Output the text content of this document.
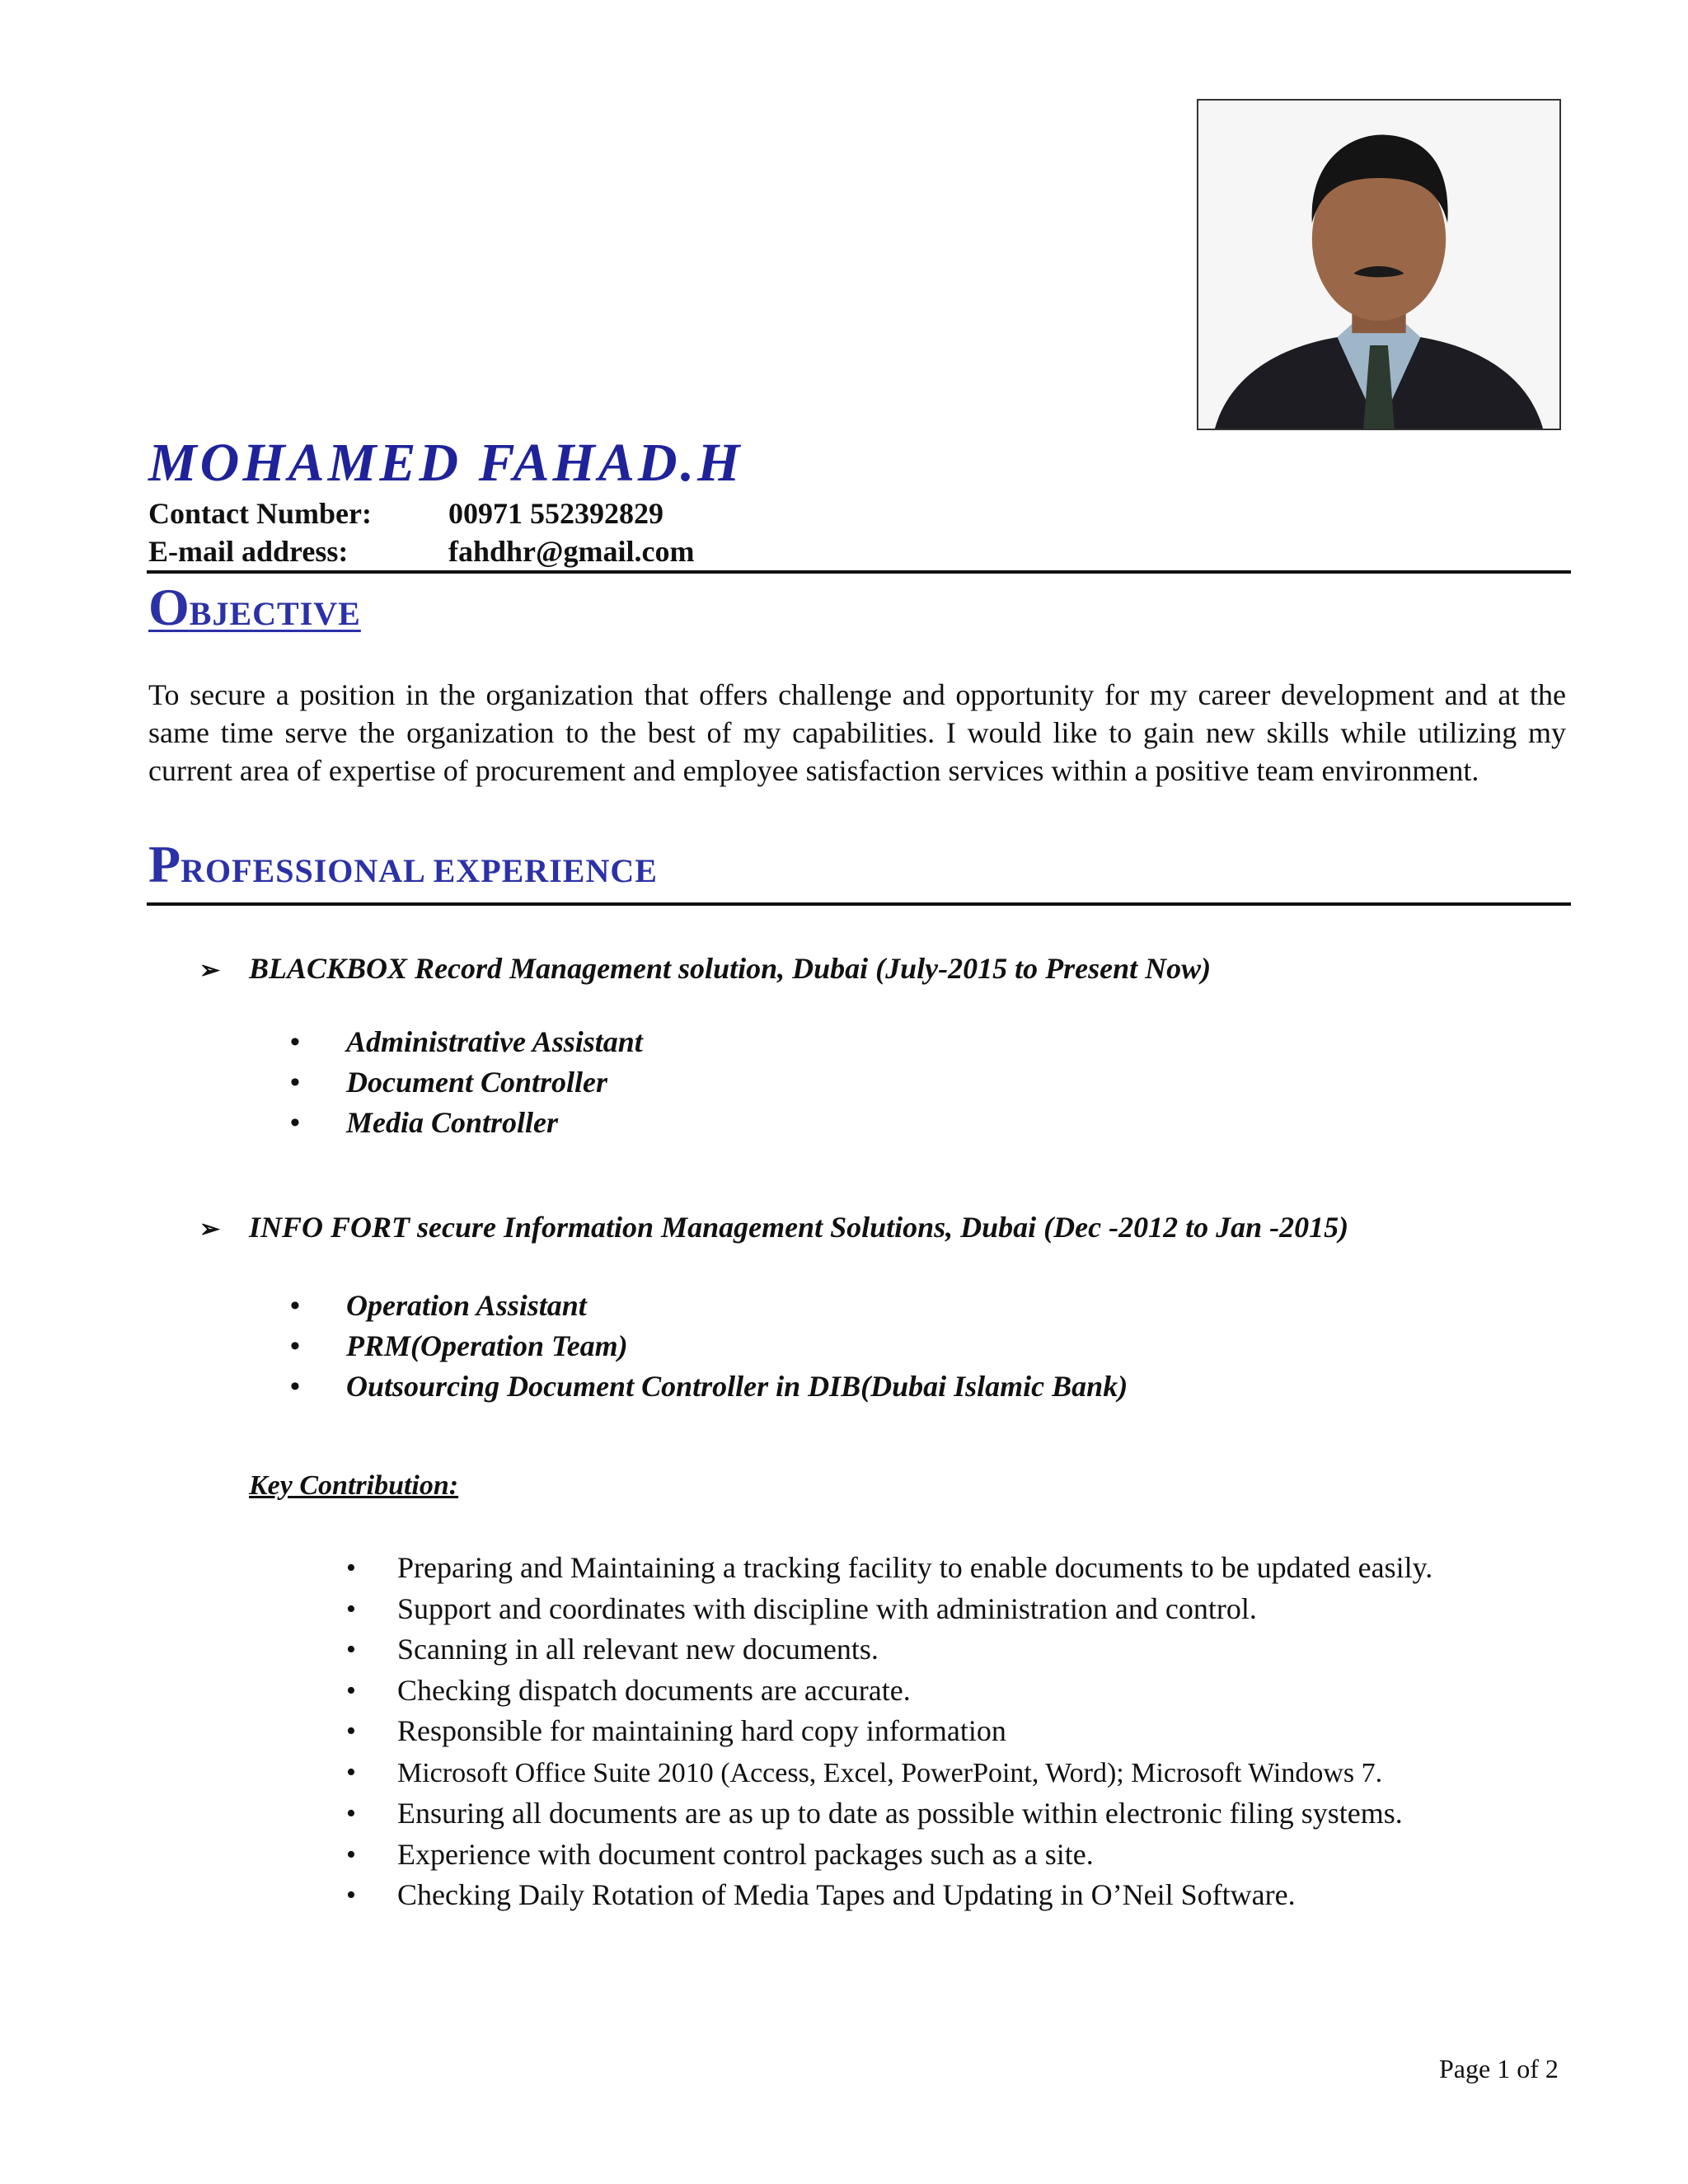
MOHAMED FAHAD.H
Contact Number:	00971 552392829
E-mail address:	fahdhr@gmail.com
OBJECTIVE
To secure a position in the organization that offers challenge and opportunity for my career development and at the same time serve the organization to the best of my capabilities. I would like to gain new skills while utilizing my current area of expertise of procurement and employee satisfaction services within a positive team environment.
PROFESSIONAL EXPERIENCE
➢ BLACKBOX Record Management solution, Dubai (July-2015 to Present Now)
• Administrative Assistant
• Document Controller
• Media Controller
➢ INFO FORT secure Information Management Solutions, Dubai (Dec -2012 to Jan -2015)
• Operation Assistant
• PRM(Operation Team)
• Outsourcing Document Controller in DIB(Dubai Islamic Bank)
Key Contribution:
• Preparing and Maintaining a tracking facility to enable documents to be updated easily.
• Support and coordinates with discipline with administration and control.
• Scanning in all relevant new documents.
• Checking dispatch documents are accurate.
• Responsible for maintaining hard copy information
• Microsoft Office Suite 2010 (Access, Excel, PowerPoint, Word); Microsoft Windows 7.
• Ensuring all documents are as up to date as possible within electronic filing systems.
• Experience with document control packages such as a site.
• Checking Daily Rotation of Media Tapes and Updating in O’Neil Software.
Page 1 of 2
